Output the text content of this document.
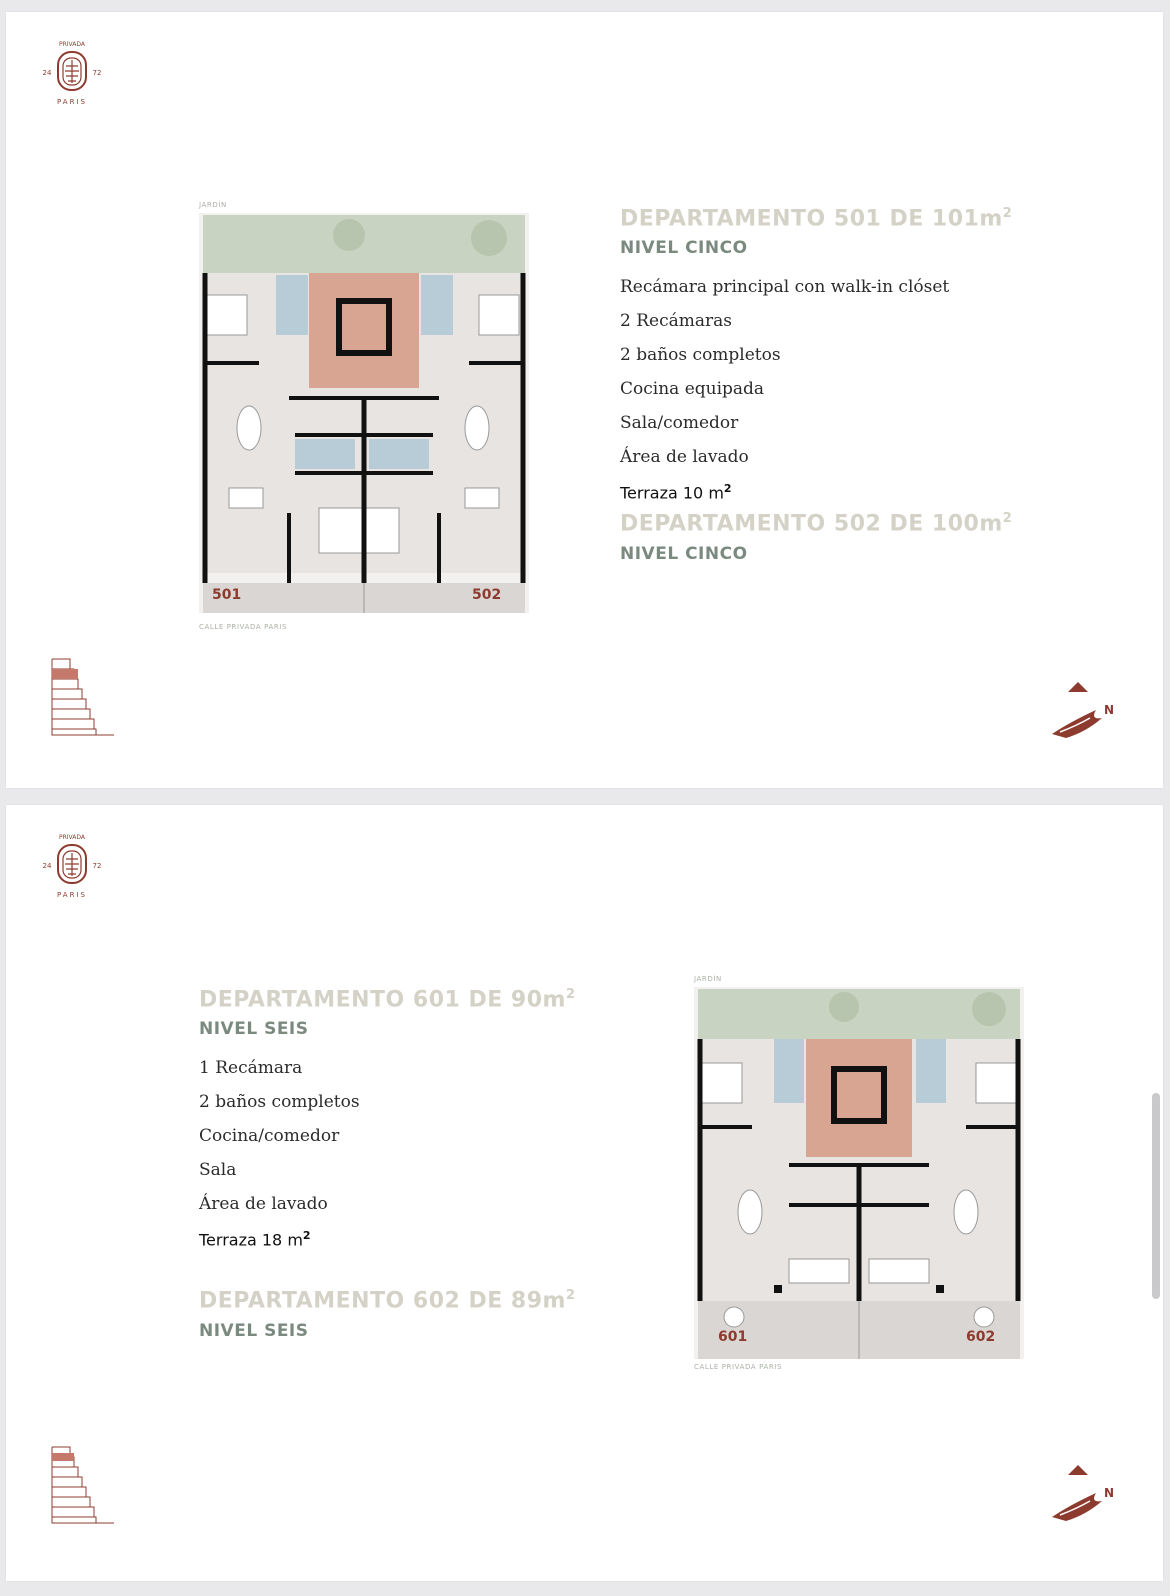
PRIVADA
24	72
PARIS
JARDÍN
501	502
CALLE PRIVADA PARIS

DEPARTAMENTO 501 DE $101m^2$

NIVEL CINCO

Recámara principal con walk-in clóset
2 Recámaras
2 baños completos
Cocina equipada
Sala/comedor
Área de lavado
Terraza 10 $m^2$

DEPARTAMENTO 502 DE $100m^2$

NIVEL CINCO

N
PRIVADA
24	72
PARIS

DEPARTAMENTO 601 DE $90m^2$

NIVEL SEIS

1 Recámara
2 baños completos
Cocina/comedor
Sala
Área de lavado
Terraza 18 $m^2$

DEPARTAMENTO 602 DE $89m^2$

NIVEL SEIS

JARDÍN
601	602
CALLE PRIVADA PARIS
N
